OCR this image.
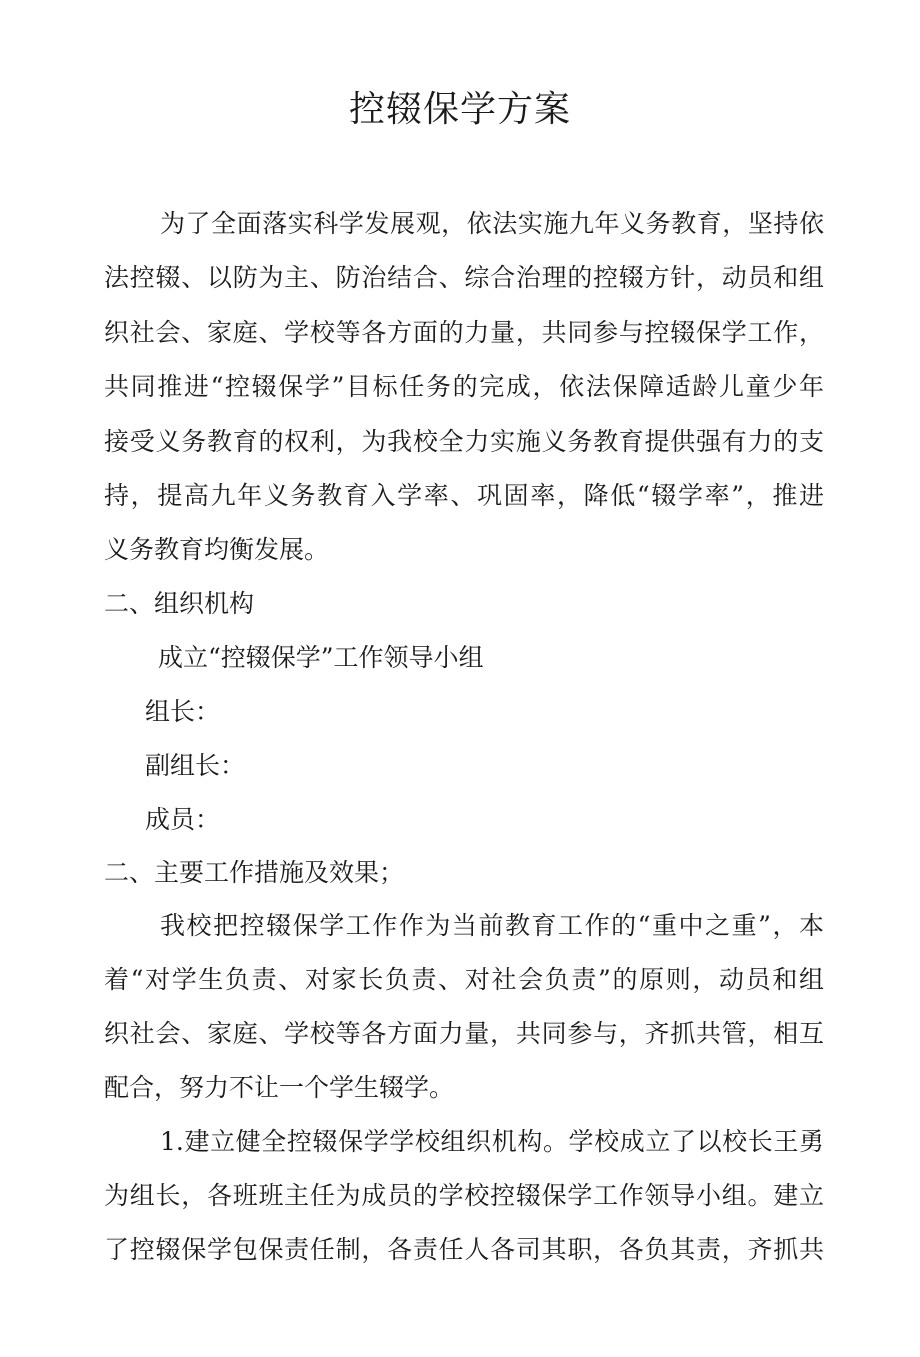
控辍保学方案

为了全面落实科学发展观，依法实施九年义务教育，坚持依

法控辍、以防为主、防治结合、综合治理的控辍方针，动员和组

织社会、家庭、学校等各方面的力量，共同参与控辍保学工作，

共同推进“控辍保学”目标任务的完成，依法保障适龄儿童少年

接受义务教育的权利，为我校全力实施义务教育提供强有力的支

持，提高九年义务教育入学率、巩固率，降低“辍学率”，推进

义务教育均衡发展。

二、组织机构

成立“控辍保学”工作领导小组

组长：

副组长：

成员：

二、主要工作措施及效果；

我校把控辍保学工作作为当前教育工作的“重中之重”，本

着“对学生负责、对家长负责、对社会负责”的原则，动员和组

织社会、家庭、学校等各方面力量，共同参与，齐抓共管，相互

配合，努力不让一个学生辍学。

1.建立健全控辍保学学校组织机构。学校成立了以校长王勇

为组长，各班班主任为成员的学校控辍保学工作领导小组。建立

了控辍保学包保责任制，各责任人各司其职，各负其责，齐抓共
